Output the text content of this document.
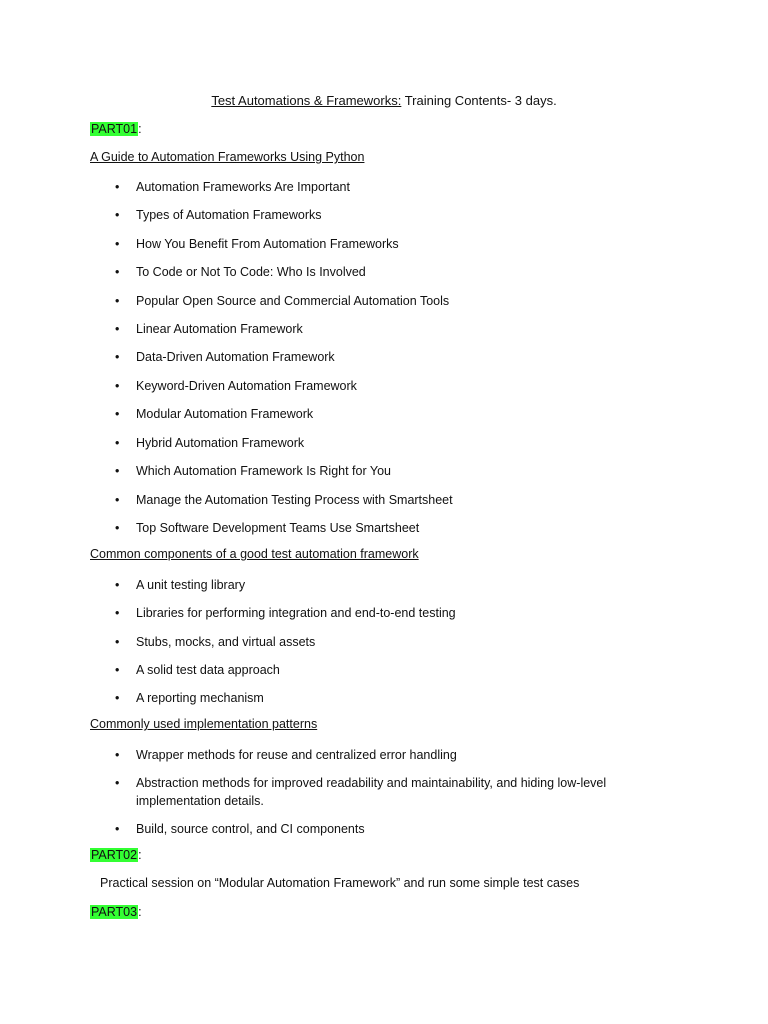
Test Automations & Frameworks: Training Contents- 3 days.
PART01:
A Guide to Automation Frameworks Using Python
•	Automation Frameworks Are Important
•	Types of Automation Frameworks
•	How You Benefit From Automation Frameworks
•	To Code or Not To Code: Who Is Involved
•	Popular Open Source and Commercial Automation Tools
•	Linear Automation Framework
•	Data-Driven Automation Framework
•	Keyword-Driven Automation Framework
•	Modular Automation Framework
•	Hybrid Automation Framework
•	Which Automation Framework Is Right for You
•	Manage the Automation Testing Process with Smartsheet
•	Top Software Development Teams Use Smartsheet
Common components of a good test automation framework
•	A unit testing library
•	Libraries for performing integration and end-to-end testing
•	Stubs, mocks, and virtual assets
•	A solid test data approach
•	A reporting mechanism
Commonly used implementation patterns
•	Wrapper methods for reuse and centralized error handling
•	Abstraction methods for improved readability and maintainability, and hiding low-level implementation details.
•	Build, source control, and CI components
PART02:
Practical session on “Modular Automation Framework” and run some simple test cases
PART03:
